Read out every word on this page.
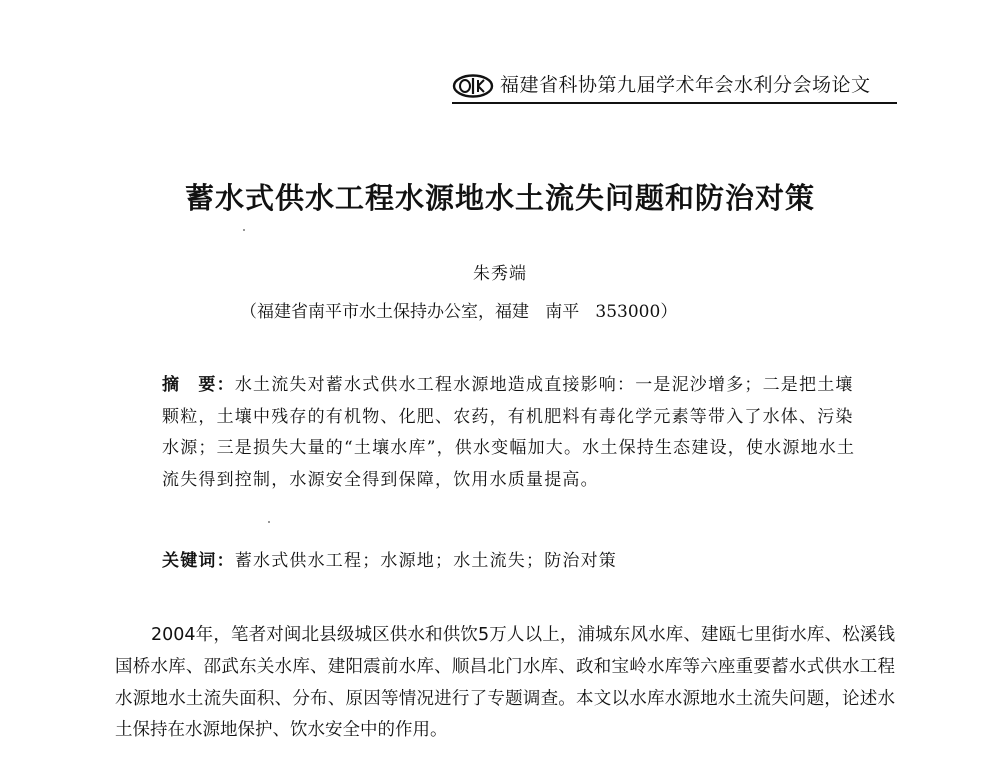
福建省科协第九届学术年会水利分会场论文
蓄水式供水工程水源地水土流失问题和防治对策
朱秀端
（福建省南平市水土保持办公室，福建   南平   353000）
摘　要：水土流失对蓄水式供水工程水源地造成直接影响：一是泥沙增多；二是把土壤颗粒，土壤中残存的有机物、化肥、农药，有机肥料有毒化学元素等带入了水体、污染水源；三是损失大量的“土壤水库”，供水变幅加大。水土保持生态建设，使水源地水土流失得到控制，水源安全得到保障，饮用水质量提高。
关键词：蓄水式供水工程；水源地；水土流失；防治对策
2004年，笔者对闽北县级城区供水和供饮5万人以上，浦城东风水库、建瓯七里街水库、松溪钱国桥水库、邵武东关水库、建阳震前水库、顺昌北门水库、政和宝岭水库等六座重要蓄水式供水工程水源地水土流失面积、分布、原因等情况进行了专题调查。本文以水库水源地水土流失问题，论述水土保持在水源地保护、饮水安全中的作用。
